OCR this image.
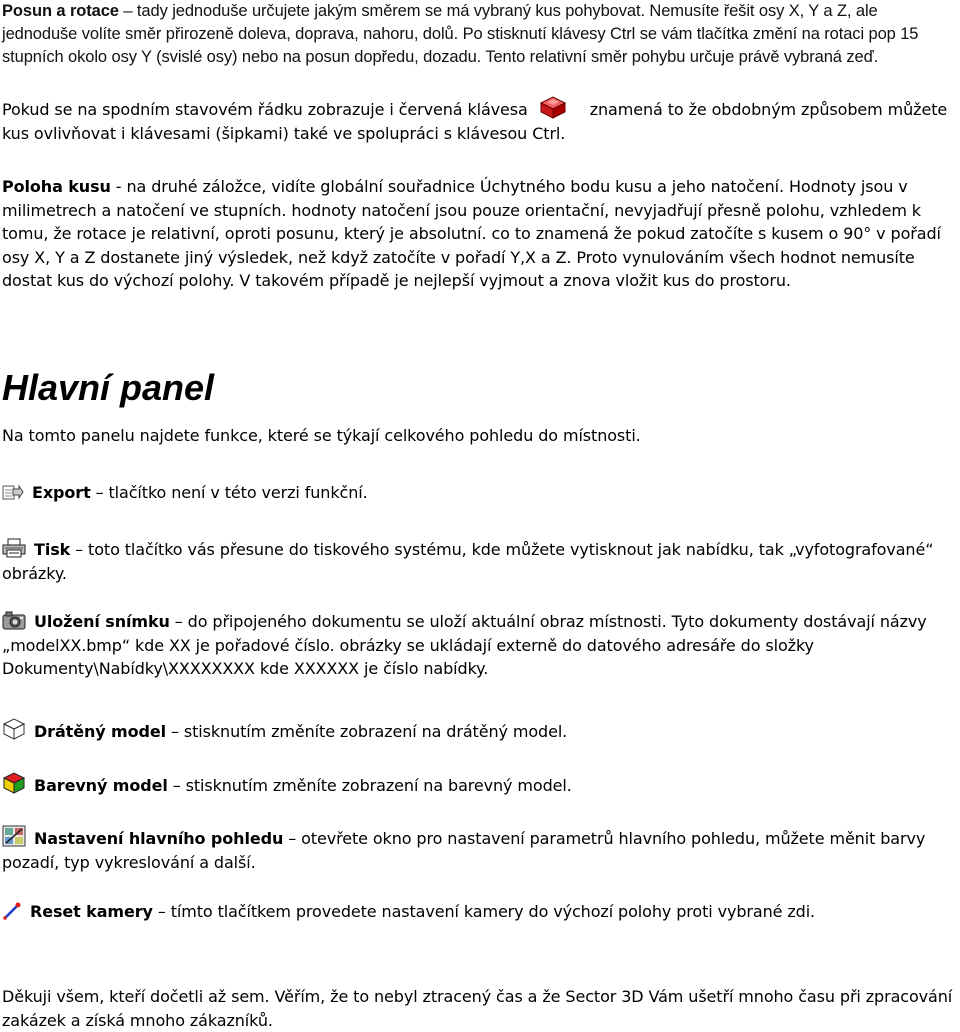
Posun a rotace – tady jednoduše určujete jakým směrem se má vybraný kus pohybovat. Nemusíte řešit osy X, Y a Z, ale jednoduše volíte směr přirozeně doleva, doprava, nahoru, dolů. Po stisknutí klávesy Ctrl se vám tlačítka změní na rotaci pop 15 stupních okolo osy Y (svislé osy) nebo na posun dopředu, dozadu. Tento relativní směr pohybu určuje právě vybraná zeď.

Pokud se na spodním stavovém řádku zobrazuje i červená klávesa	znamená to že obdobným způsobem můžete kus ovlivňovat i klávesami (šipkami) také ve spolupráci s klávesou Ctrl.

Poloha kusu - na druhé záložce, vidíte globální souřadnice Úchytného bodu kusu a jeho natočení. Hodnoty jsou v milimetrech a natočení ve stupních. hodnoty natočení jsou pouze orientační, nevyjadřují přesně polohu, vzhledem k tomu, že rotace je relativní, oproti posunu, který je absolutní. co to znamená že pokud zatočíte s kusem o 90° v pořadí osy X, Y a Z dostanete jiný výsledek, než když zatočíte v pořadí Y,X a Z. Proto vynulováním všech hodnot nemusíte dostat kus do výchozí polohy. V takovém případě je nejlepší vyjmout a znova vložit kus do prostoru.

Hlavní panel

Na tomto panelu najdete funkce, které se týkají celkového pohledu do místnosti.

Export – tlačítko není v této verzi funkční.

Tisk – toto tlačítko vás přesune do tiskového systému, kde můžete vytisknout jak nabídku, tak „vyfotografované“ obrázky.

Uložení snímku – do připojeného dokumentu se uloží aktuální obraz místnosti. Tyto dokumenty dostávají názvy „modelXX.bmp“ kde XX je pořadové číslo. obrázky se ukládají externě do datového adresáře do složky Dokumenty\Nabídky\XXXXXXXX kde XXXXXX je číslo nabídky.

Drátěný model – stisknutím změníte zobrazení na drátěný model.

Barevný model – stisknutím změníte zobrazení na barevný model.

Nastavení hlavního pohledu – otevřete okno pro nastavení parametrů hlavního pohledu, můžete měnit barvy pozadí, typ vykreslování a další.

Reset kamery – tímto tlačítkem provedete nastavení kamery do výchozí polohy proti vybrané zdi.

Děkuji všem, kteří dočetli až sem. Věřím, že to nebyl ztracený čas a že Sector 3D Vám ušetří mnoho času při zpracování zakázek a získá mnoho zákazníků.
